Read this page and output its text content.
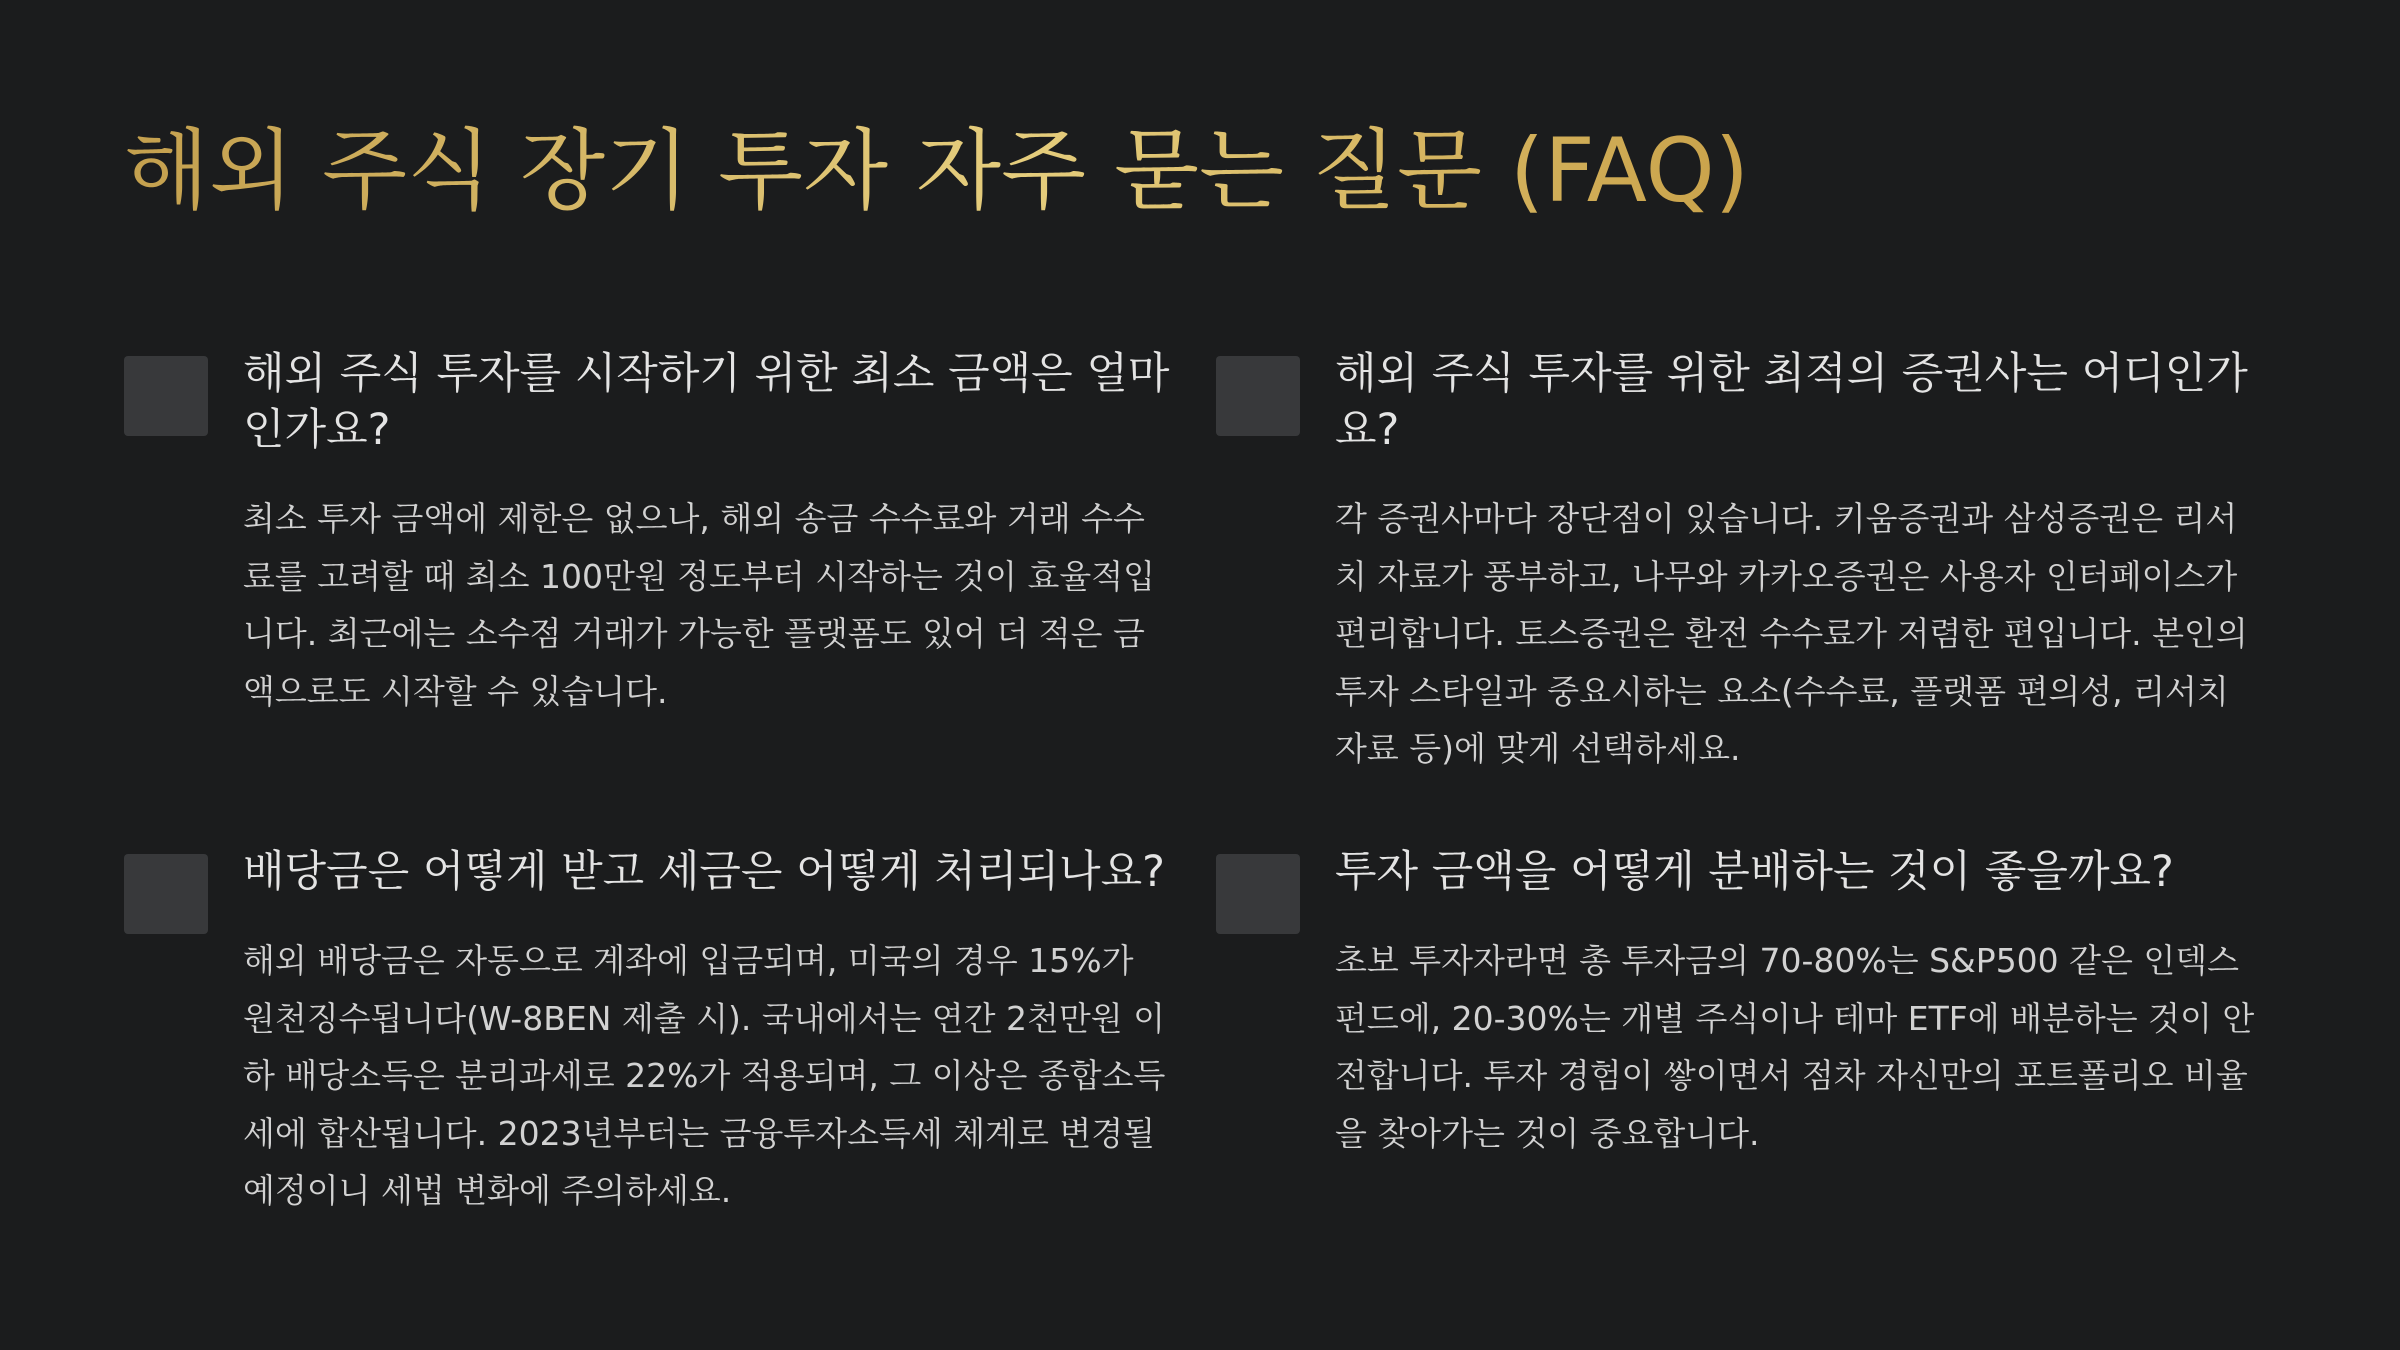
해외 주식 장기 투자 자주 묻는 질문 (FAQ)
해외 주식 투자를 시작하기 위한 최소 금액은 얼마인가요?

최소 투자 금액에 제한은 없으나, 해외 송금 수수료와 거래 수수료를 고려할 때 최소 100만원 정도부터 시작하는 것이 효율적입니다. 최근에는 소수점 거래가 가능한 플랫폼도 있어 더 적은 금액으로도 시작할 수 있습니다.

해외 주식 투자를 위한 최적의 증권사는 어디인가요?

각 증권사마다 장단점이 있습니다. 키움증권과 삼성증권은 리서치 자료가 풍부하고, 나무와 카카오증권은 사용자 인터페이스가 편리합니다. 토스증권은 환전 수수료가 저렴한 편입니다. 본인의 투자 스타일과 중요시하는 요소(수수료, 플랫폼 편의성, 리서치 자료 등)에 맞게 선택하세요.

배당금은 어떻게 받고 세금은 어떻게 처리되나요?

해외 배당금은 자동으로 계좌에 입금되며, 미국의 경우 15%가 원천징수됩니다(W-8BEN 제출 시). 국내에서는 연간 2천만원 이하 배당소득은 분리과세로 22%가 적용되며, 그 이상은 종합소득세에 합산됩니다. 2023년부터는 금융투자소득세 체계로 변경될 예정이니 세법 변화에 주의하세요.

투자 금액을 어떻게 분배하는 것이 좋을까요?

초보 투자자라면 총 투자금의 70-80%는 S&P500 같은 인덱스 펀드에, 20-30%는 개별 주식이나 테마 ETF에 배분하는 것이 안전합니다. 투자 경험이 쌓이면서 점차 자신만의 포트폴리오 비율을 찾아가는 것이 중요합니다.
